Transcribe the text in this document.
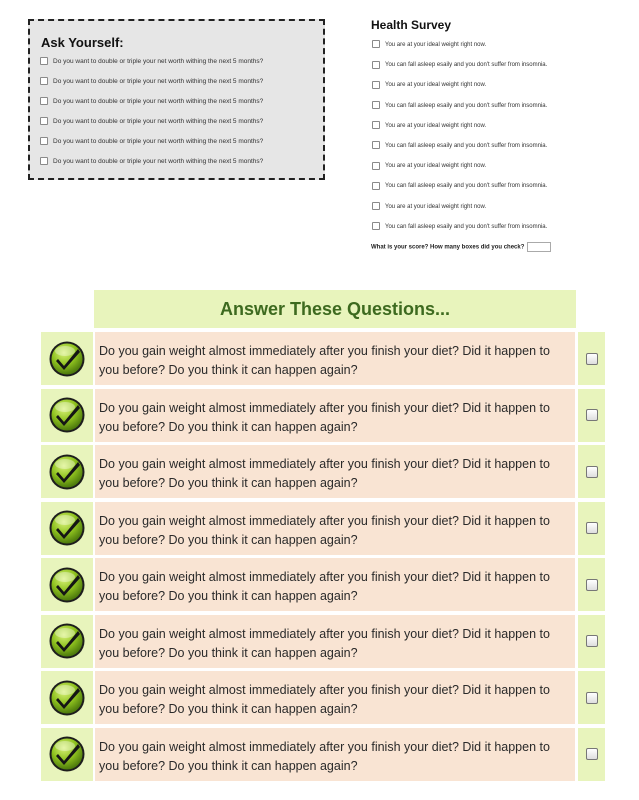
Ask Yourself:
Do you want to double or triple your net worth withing the next 5 months?
Do you want to double or triple your net worth withing the next 5 months?
Do you want to double or triple your net worth withing the next 5 months?
Do you want to double or triple your net worth withing the next 5 months?
Do you want to double or triple your net worth withing the next 5 months?
Do you want to double or triple your net worth withing the next 5 months?
Health Survey
You are at your ideal weight right now.
You can fall asleep esaily and you don't suffer from insomnia.
You are at your ideal weight right now.
You can fall asleep esaily and you don't suffer from insomnia.
You are at your ideal weight right now.
You can fall asleep esaily and you don't suffer from insomnia.
You are at your ideal weight right now.
You can fall asleep esaily and you don't suffer from insomnia.
You are at your ideal weight right now.
You can fall asleep esaily and you don't suffer from insomnia.
What is your score? How many boxes did you check?
Answer These Questions...
Do you gain weight almost immediately after you finish your diet? Did it happen to you before? Do you think it can happen again?
Do you gain weight almost immediately after you finish your diet? Did it happen to you before? Do you think it can happen again?
Do you gain weight almost immediately after you finish your diet? Did it happen to you before? Do you think it can happen again?
Do you gain weight almost immediately after you finish your diet? Did it happen to you before? Do you think it can happen again?
Do you gain weight almost immediately after you finish your diet? Did it happen to you before? Do you think it can happen again?
Do you gain weight almost immediately after you finish your diet? Did it happen to you before? Do you think it can happen again?
Do you gain weight almost immediately after you finish your diet? Did it happen to you before? Do you think it can happen again?
Do you gain weight almost immediately after you finish your diet? Did it happen to you before? Do you think it can happen again?
